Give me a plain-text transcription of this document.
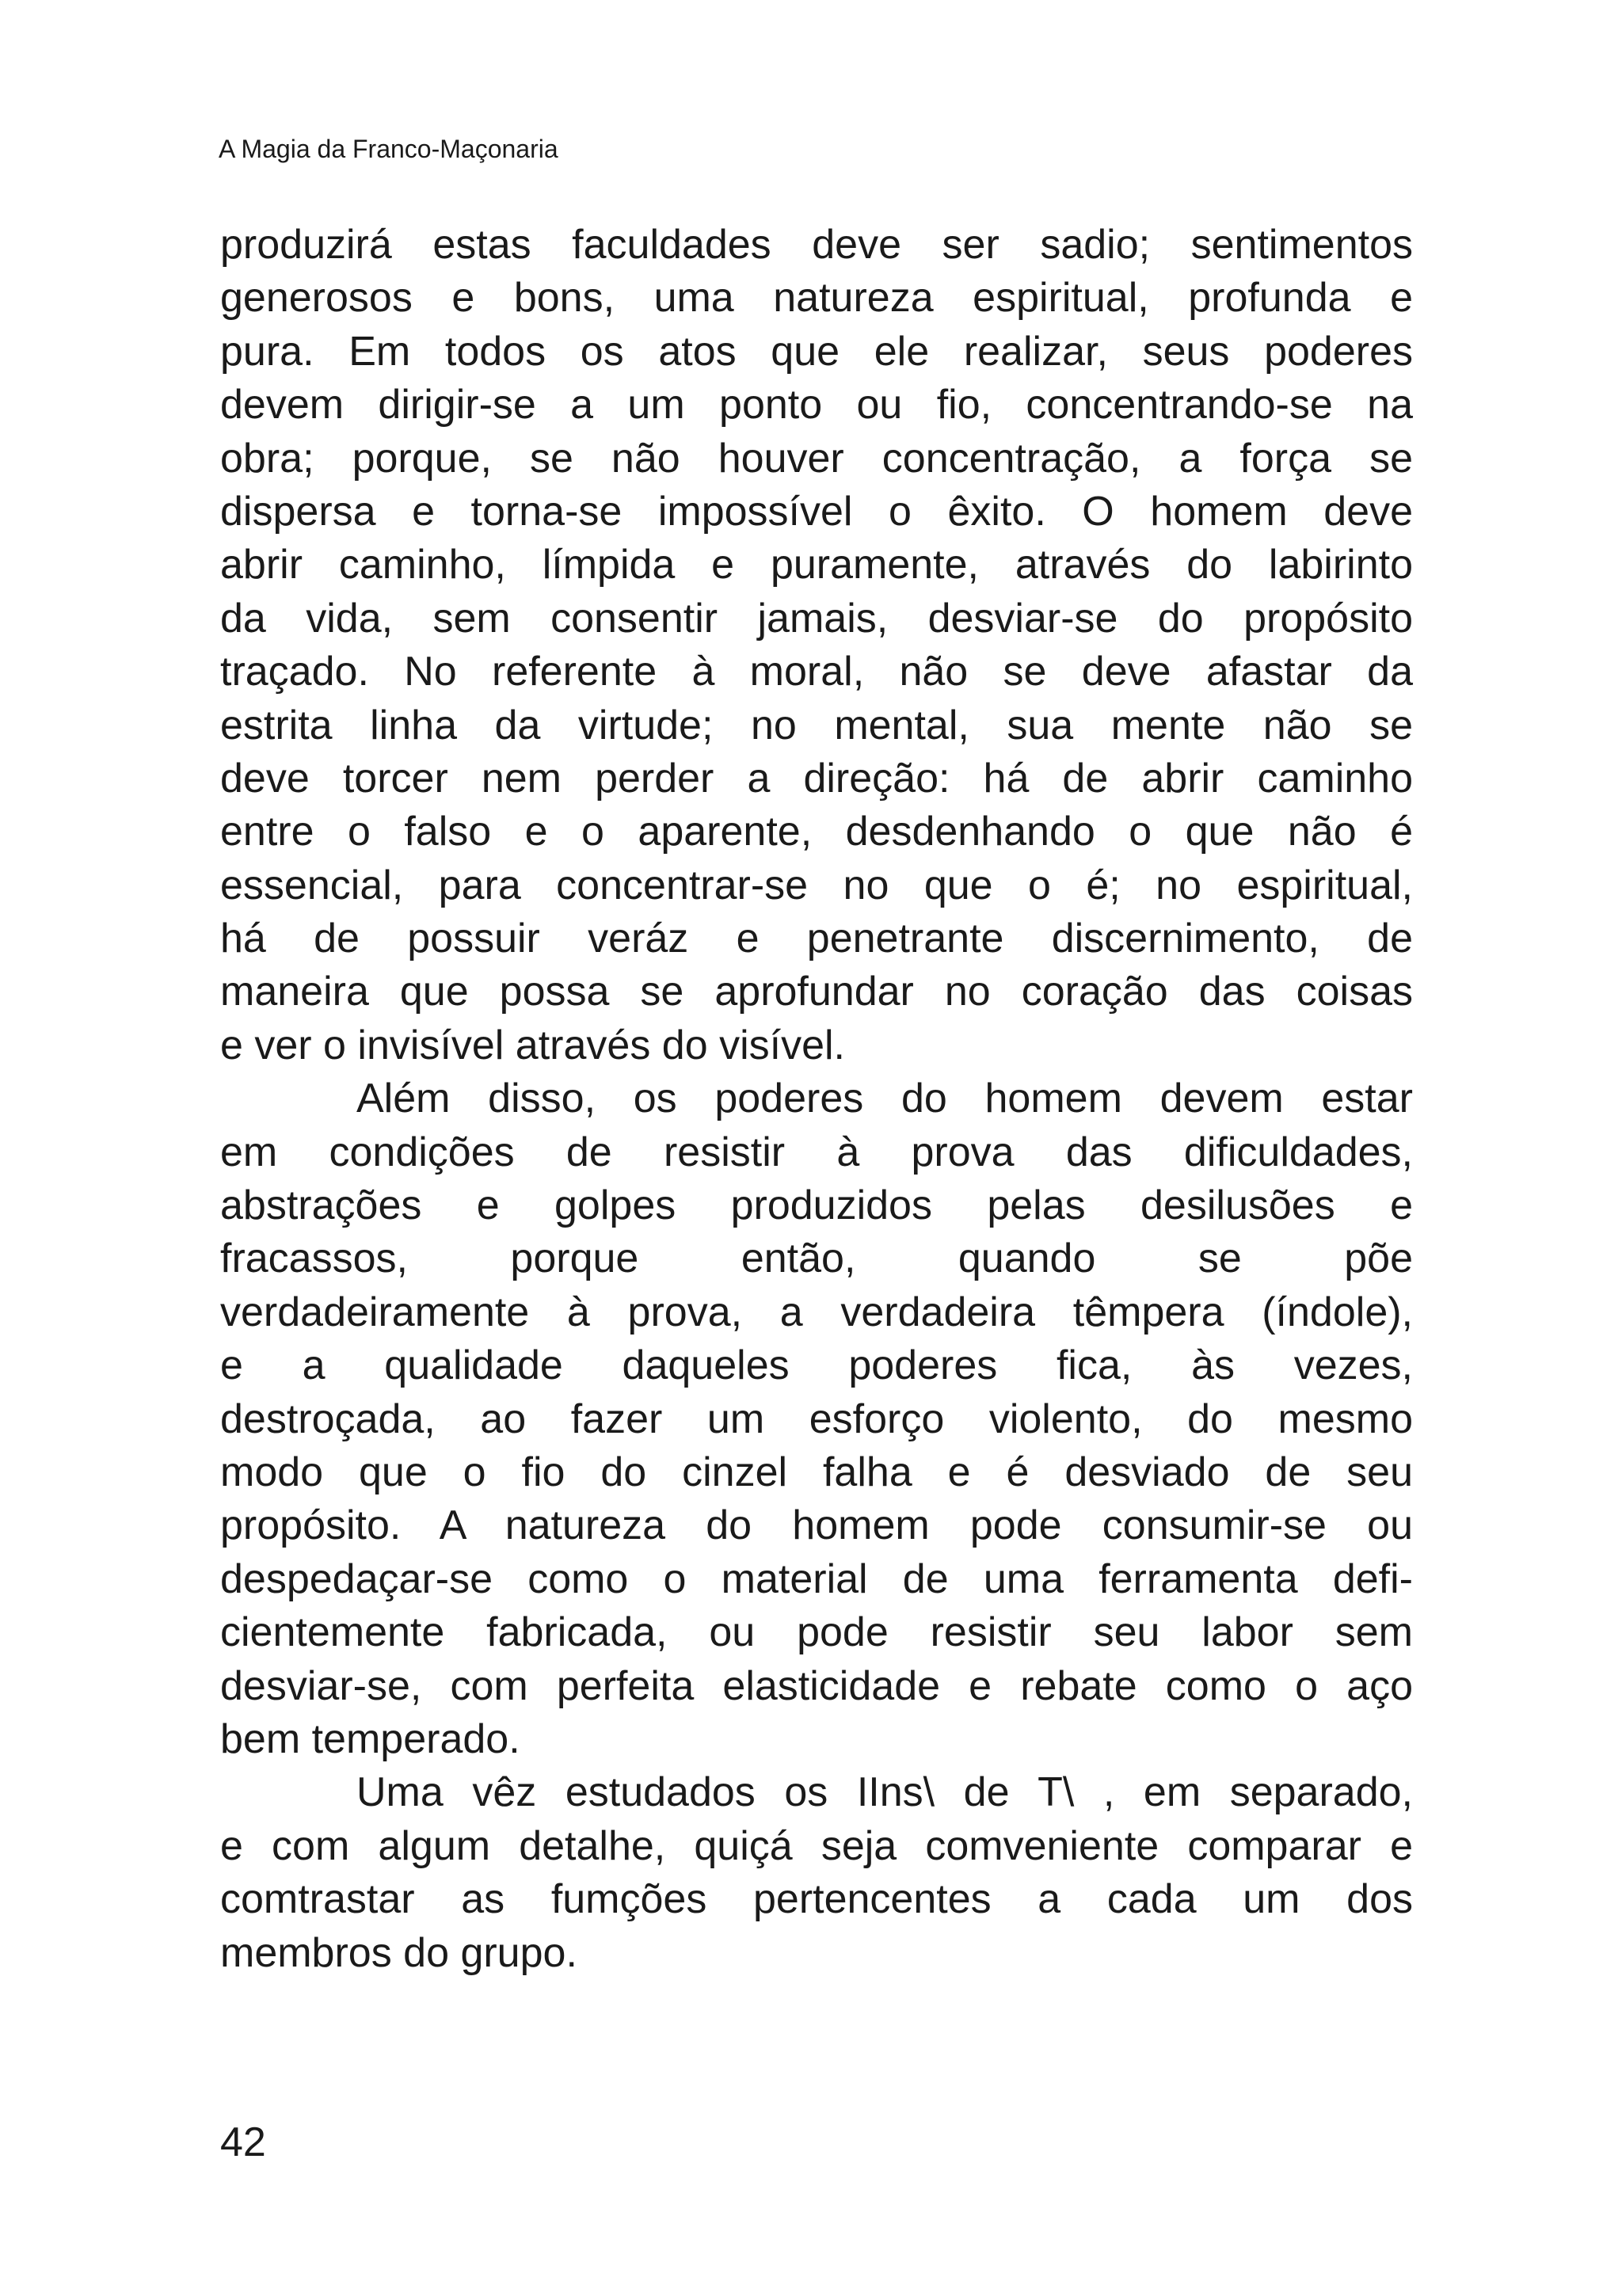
A Magia da Franco-Maçonaria
produzirá estas faculdades deve ser sadio; sentimentos
generosos e bons, uma natureza espiritual, profunda e
pura. Em todos os atos que ele realizar, seus poderes
devem dirigir-se a um ponto ou fio, concentrando-se na
obra; porque, se não houver concentração, a força se
dispersa e torna-se impossível o êxito. O homem deve
abrir caminho, límpida e puramente, através do labirinto
da vida, sem consentir jamais, desviar-se do propósito
traçado. No referente à moral, não se deve afastar da
estrita linha da virtude; no mental, sua mente não se
deve torcer nem perder a direção: há de abrir caminho
entre o falso e o aparente, desdenhando o que não é
essencial, para concentrar-se no que o é; no espiritual,
há de possuir veráz e penetrante discernimento, de
maneira que possa se aprofundar no coração das coisas
e ver o invisível através do visível.
Além disso, os poderes do homem devem estar
em condições de resistir à prova das dificuldades,
abstrações e golpes produzidos pelas desilusões e
fracassos, porque então, quando se põe
verdadeiramente à prova, a verdadeira têmpera (índole),
e a qualidade daqueles poderes fica, às vezes,
destroçada, ao fazer um esforço violento, do mesmo
modo que o fio do cinzel falha e é desviado de seu
propósito. A natureza do homem pode consumir-se ou
despedaçar-se como o material de uma ferramenta defi-
cientemente fabricada, ou pode resistir seu labor sem
desviar-se, com perfeita elasticidade e rebate como o aço
bem temperado.
Uma vêz estudados os IIns\ de T\ , em separado,
e com algum detalhe, quiçá seja comveniente comparar e
comtrastar as fumções pertencentes a cada um dos
membros do grupo.
42
